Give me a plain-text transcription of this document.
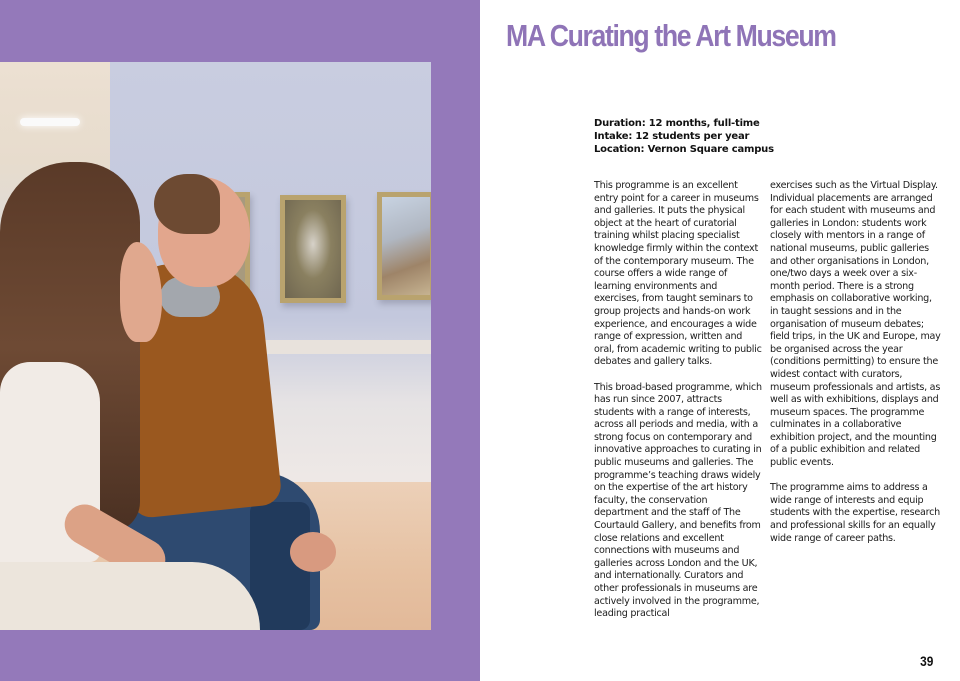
MA Curating the Art Museum
Duration: 12 months, full-time
Intake: 12 students per year
Location: Vernon Square campus

This programme is an excellent entry point for a career in museums and galleries. It puts the physical object at the heart of curatorial training whilst placing specialist knowledge firmly within the context of the contemporary museum. The course offers a wide range of learning environments and exercises, from taught seminars to group projects and hands-on work experience, and encourages a wide range of expression, written and oral, from academic writing to public debates and gallery talks.

This broad-based programme, which has run since 2007, attracts students with a range of interests, across all periods and media, with a strong focus on contemporary and innovative approaches to curating in public museums and galleries. The programme’s teaching draws widely on the expertise of the art history faculty, the conservation department and the staff of The Courtauld Gallery, and benefits from close relations and excellent connections with museums and galleries across London and the UK, and internationally. Curators and other professionals in museums are actively involved in the programme, leading practical

exercises such as the Virtual Display. Individual placements are arranged for each student with museums and galleries in London: students work closely with mentors in a range of national museums, public galleries and other organisations in London, one/two days a week over a six-month period. There is a strong emphasis on collaborative working, in taught sessions and in the organisation of museum debates; field trips, in the UK and Europe, may be organised across the year (conditions permitting) to ensure the widest contact with curators, museum professionals and artists, as well as with exhibitions, displays and museum spaces. The programme culminates in a collaborative exhibition project, and the mounting of a public exhibition and related public events.

The programme aims to address a wide range of interests and equip students with the expertise, research and professional skills for an equally wide range of career paths.

39
